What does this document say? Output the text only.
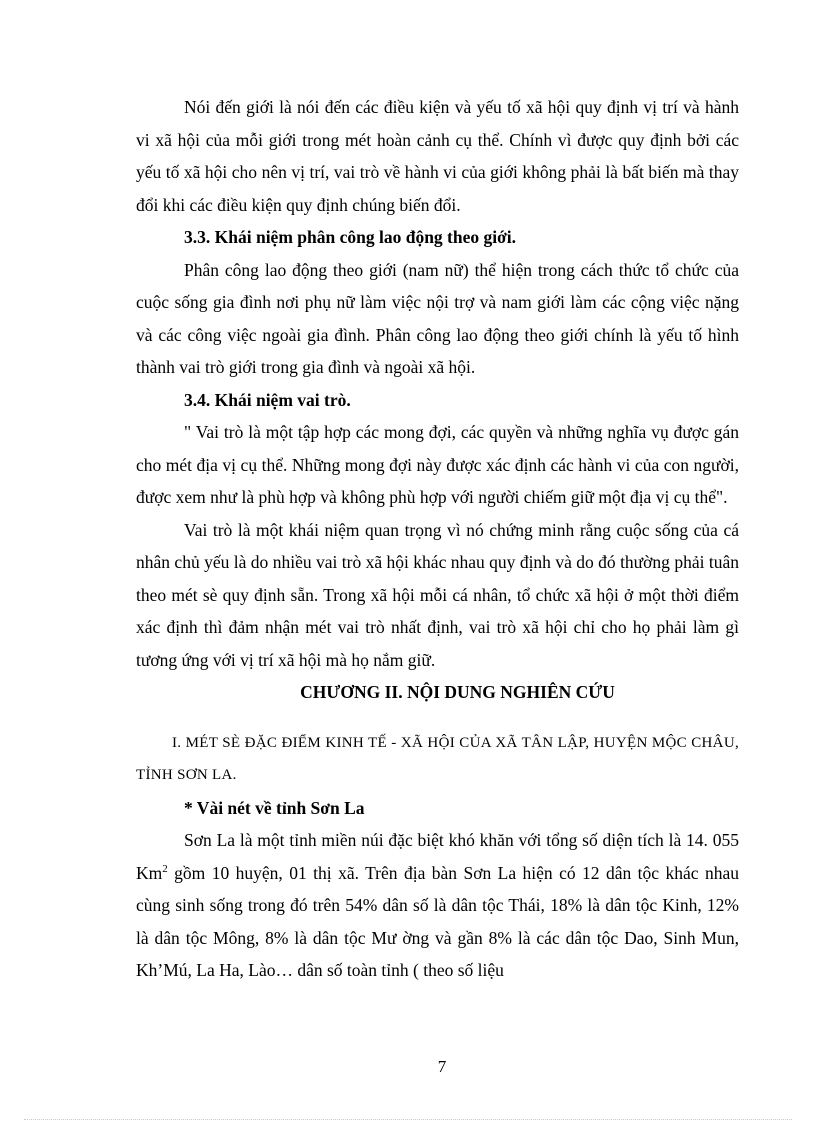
Nói đến giới là nói đến các điều kiện và yếu tố xã hội quy định vị trí và hành vi xã hội của mỗi giới trong mét hoàn cảnh cụ thể. Chính vì được quy định bởi các yếu tố xã hội cho nên vị trí, vai trò về hành vi của giới không phải là bất biến mà thay đổi khi các điều kiện quy định chúng biến đổi.

3.3. Khái niệm phân công lao động theo giới.

Phân công lao động theo giới (nam nữ) thể hiện trong cách thức tổ chức của cuộc sống gia đình nơi phụ nữ làm việc nội trợ và nam giới làm các cộng việc nặng và các công việc ngoài gia đình. Phân công lao động theo giới chính là yếu tố hình thành vai trò giới trong gia đình và ngoài xã hội.

3.4. Khái niệm vai trò.

" Vai trò là một tập hợp các mong đợi, các quyền và những nghĩa vụ được gán cho mét địa vị cụ thể. Những mong đợi này được xác định các hành vi của con người, được xem như là phù hợp và không phù hợp với người chiếm giữ một địa vị cụ thể".

Vai trò là một khái niệm quan trọng vì nó chứng minh rằng cuộc sống của cá nhân chủ yếu là do nhiều vai trò xã hội khác nhau quy định và do đó thường phải tuân theo mét sè quy định sẵn. Trong xã hội mỗi cá nhân, tổ chức xã hội ở một thời điểm xác định thì đảm nhận mét vai trò nhất định, vai trò xã hội chỉ cho họ phải làm gì tương ứng với vị trí xã hội mà họ nắm giữ.

CHƯƠNG II. NỘI DUNG NGHIÊN CỨU

I. MÉT SÈ ĐẶC ĐIỂM KINH TẾ - XÃ HỘI CỦA XÃ TÂN LẬP, HUYỆN MỘC CHÂU, TỈNH SƠN LA.

* Vài nét về tỉnh Sơn La

Sơn La là một tỉnh miền núi đặc biệt khó khăn với tổng số diện tích là 14. 055 Km$^2$ gồm 10 huyện, 01 thị xã. Trên địa bàn Sơn La hiện có 12 dân tộc khác nhau cùng sinh sống trong đó trên 54% dân số là dân tộc Thái, 18% là dân tộc Kinh, 12% là dân tộc Mông, 8% là dân tộc Mư ờng và gần 8% là các dân tộc Dao, Sinh Mun, Kh’Mú, La Ha, Lào… dân số toàn tỉnh ( theo số liệu

7
